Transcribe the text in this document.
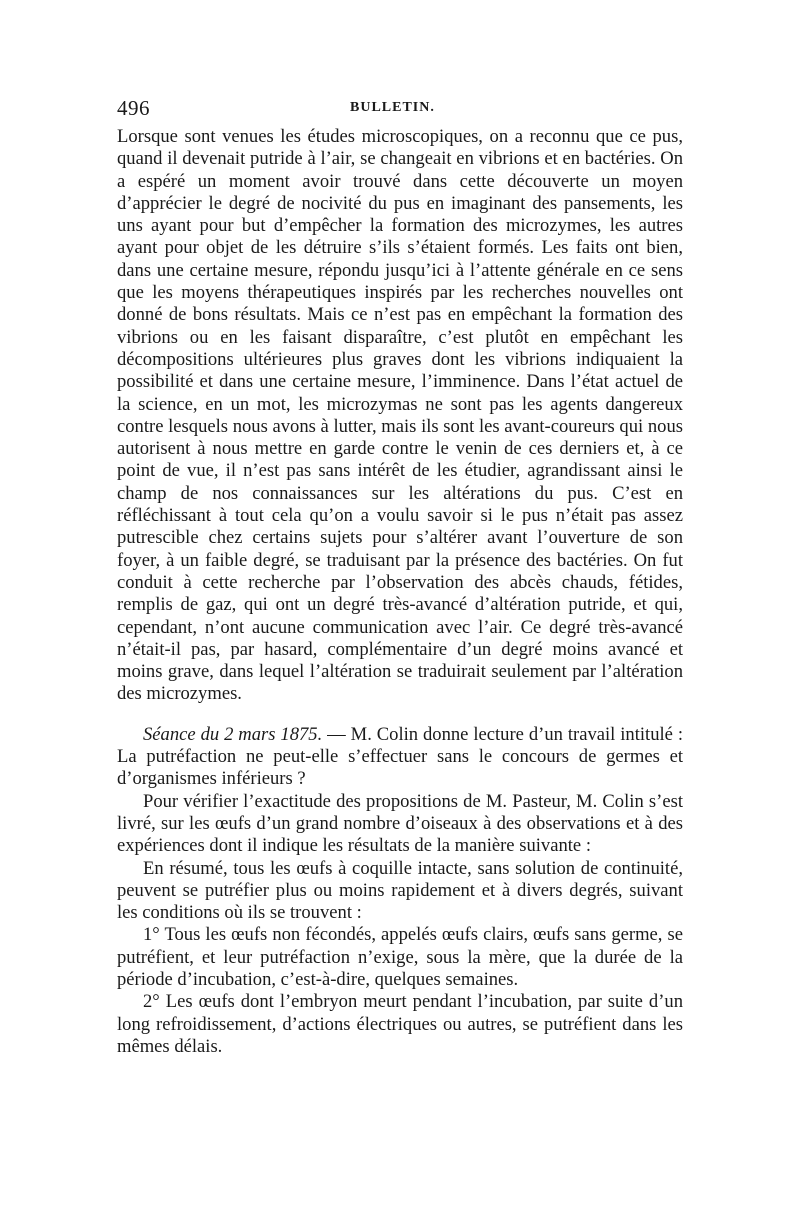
496	BULLETIN.

Lorsque sont venues les études microscopiques, on a reconnu que ce pus, quand il devenait putride à l’air, se changeait en vibrions et en bactéries. On a espéré un moment avoir trouvé dans cette découverte un moyen d’apprécier le degré de nocivité du pus en imaginant des pansements, les uns ayant pour but d’empêcher la formation des microzymes, les autres ayant pour objet de les détruire s’ils s’étaient formés. Les faits ont bien, dans une certaine mesure, répondu jusqu’ici à l’attente générale en ce sens que les moyens thérapeutiques inspirés par les recherches nouvelles ont donné de bons résultats. Mais ce n’est pas en empêchant la formation des vibrions ou en les faisant disparaître, c’est plutôt en empêchant les décompositions ultérieures plus graves dont les vibrions indiquaient la possibilité et dans une certaine mesure, l’imminence. Dans l’état actuel de la science, en un mot, les microzymas ne sont pas les agents dangereux contre lesquels nous avons à lutter, mais ils sont les avant-coureurs qui nous autorisent à nous mettre en garde contre le venin de ces derniers et, à ce point de vue, il n’est pas sans intérêt de les étudier, agrandissant ainsi le champ de nos connaissances sur les altérations du pus. C’est en réfléchissant à tout cela qu’on a voulu savoir si le pus n’était pas assez putrescible chez certains sujets pour s’altérer avant l’ouverture de son foyer, à un faible degré, se traduisant par la présence des bactéries. On fut conduit à cette recherche par l’observation des abcès chauds, fétides, remplis de gaz, qui ont un degré très-avancé d’altération putride, et qui, cependant, n’ont aucune communication avec l’air. Ce degré très-avancé n’était-il pas, par hasard, complémentaire d’un degré moins avancé et moins grave, dans lequel l’altération se traduirait seulement par l’altération des microzymes.

Séance du 2 mars 1875. — M. Colin donne lecture d’un travail intitulé : La putréfaction ne peut-elle s’effectuer sans le concours de germes et d’organismes inférieurs ?

Pour vérifier l’exactitude des propositions de M. Pasteur, M. Colin s’est livré, sur les œufs d’un grand nombre d’oiseaux à des observations et à des expériences dont il indique les résultats de la manière suivante :

En résumé, tous les œufs à coquille intacte, sans solution de continuité, peuvent se putréfier plus ou moins rapidement et à divers degrés, suivant les conditions où ils se trouvent :

1° Tous les œufs non fécondés, appelés œufs clairs, œufs sans germe, se putréfient, et leur putréfaction n’exige, sous la mère, que la durée de la période d’incubation, c’est-à-dire, quelques semaines.

2° Les œufs dont l’embryon meurt pendant l’incubation, par suite d’un long refroidissement, d’actions électriques ou autres, se putréfient dans les mêmes délais.
